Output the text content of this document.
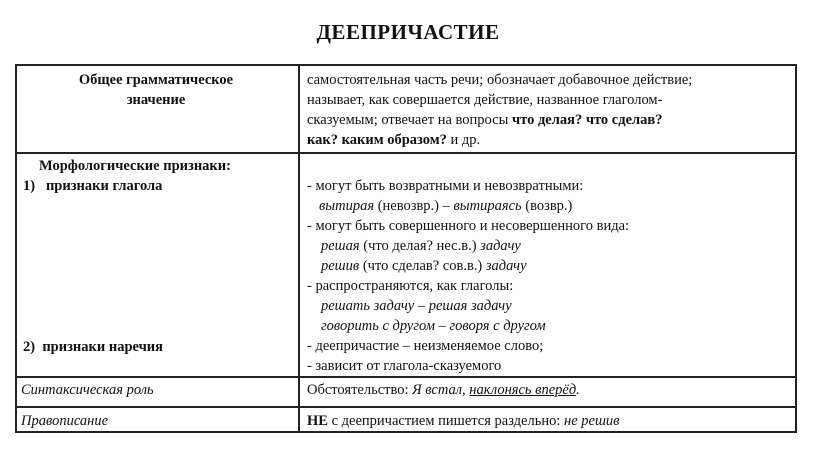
ДЕЕПРИЧАСТИЕ
Общее грамматическое
значение
самостоятельная часть речи; обозначает добавочное действие;
называет, как совершается действие, названное глаголом-
сказуемым; отвечает на вопросы что делая? что сделав?
как? каким образом? и др.
Морфологические признаки:
1)   признаки глагола
2)  признаки наречия
- могут быть возвратными и невозвратными:
вытирая (невозвр.) – вытираясь (возвр.)
- могут быть совершенного и несовершенного вида:
решая (что делая? нес.в.) задачу
решив (что сделав? сов.в.) задачу
- распространяются, как глаголы:
решать задачу – решая задачу
говорить с другом – говоря с другом
- деепричастие – неизменяемое слово;
- зависит от глагола-сказуемого
Синтаксическая роль	Обстоятельство: Я встал, наклонясь вперёд.
Правописание	НЕ с деепричастием пишется раздельно: не решив
